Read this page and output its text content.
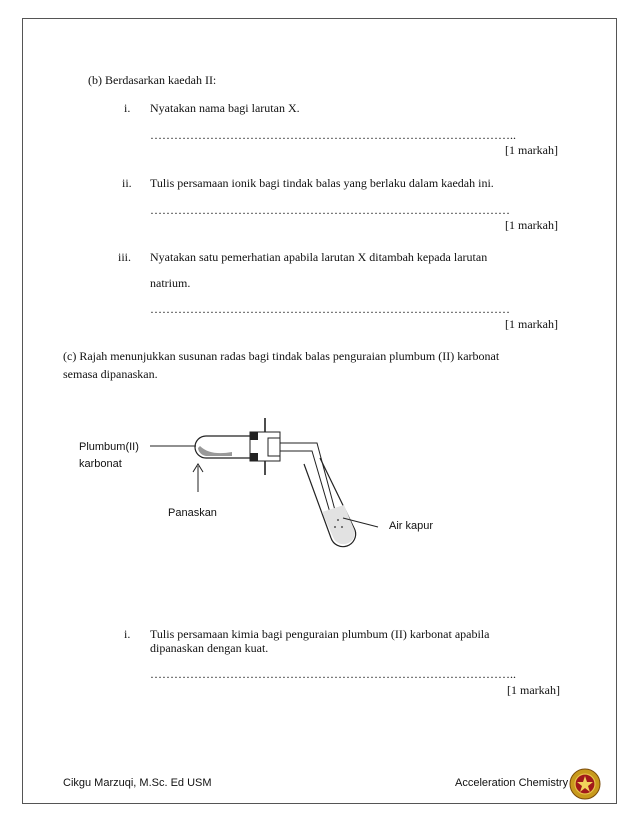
(b) Berdasarkan kaedah II:
i. Nyatakan nama bagi larutan X.
………………………………………………………………………………..
[1 markah]
ii. Tulis persamaan ionik bagi tindak balas yang berlaku dalam kaedah ini.
………………………………………………………………………………
[1 markah]
iii. Nyatakan satu pemerhatian apabila larutan X ditambah kepada larutan
natrium.
………………………………………………………………………………
[1 markah]
(c) Rajah menunjukkan susunan radas bagi tindak balas penguraian plumbum (II) karbonat
semasa dipanaskan.
Plumbum(II)
karbonat
Panaskan
Air kapur
i. Tulis persamaan kimia bagi penguraian plumbum (II) karbonat apabila
dipanaskan dengan kuat.
………………………………………………………………………………..
[1 markah]
Cikgu Marzuqi, M.Sc. Ed USM	Acceleration Chemistry
